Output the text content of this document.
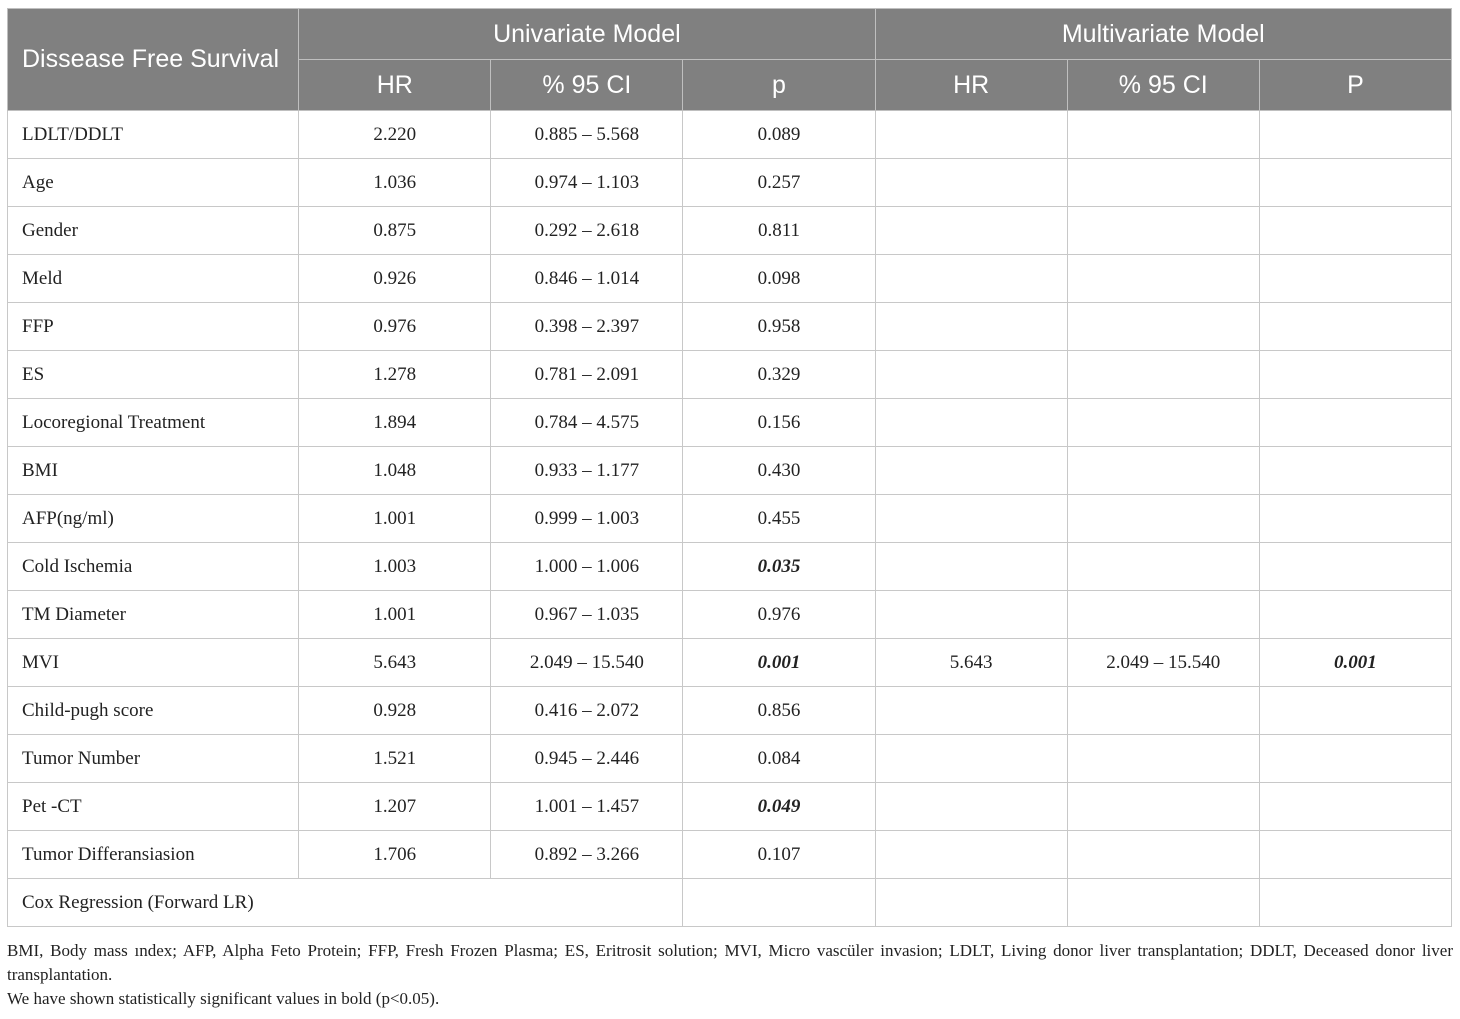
Dissease Free Survival	Univariate Model			Multivariate Model		
	HR	% 95 CI	p	HR	% 95 CI	P
LDLT/DDLT	2.220	0.885 – 5.568	0.089			
Age	1.036	0.974 – 1.103	0.257			
Gender	0.875	0.292 – 2.618	0.811			
Meld	0.926	0.846 – 1.014	0.098			
FFP	0.976	0.398 – 2.397	0.958			
ES	1.278	0.781 – 2.091	0.329			
Locoregional Treatment	1.894	0.784 – 4.575	0.156			
BMI	1.048	0.933 – 1.177	0.430			
AFP(ng/ml)	1.001	0.999 – 1.003	0.455			
Cold Ischemia	1.003	1.000 – 1.006	0.035			
TM Diameter	1.001	0.967 – 1.035	0.976			
MVI	5.643	2.049 – 15.540	0.001	5.643	2.049 – 15.540	0.001
Child-pugh score	0.928	0.416 – 2.072	0.856			
Tumor Number	1.521	0.945 – 2.446	0.084			
Pet -CT	1.207	1.001 – 1.457	0.049			
Tumor Differansiasion	1.706	0.892 – 3.266	0.107			
Cox Regression (Forward LR)						

BMI, Body mass ındex; AFP, Alpha Feto Protein; FFP, Fresh Frozen Plasma; ES, Eritrosit solution; MVI, Micro vascüler invasion; LDLT, Living donor liver transplantation; DDLT, Deceased donor liver transplantation.

We have shown statistically significant values in bold (p<0.05).
